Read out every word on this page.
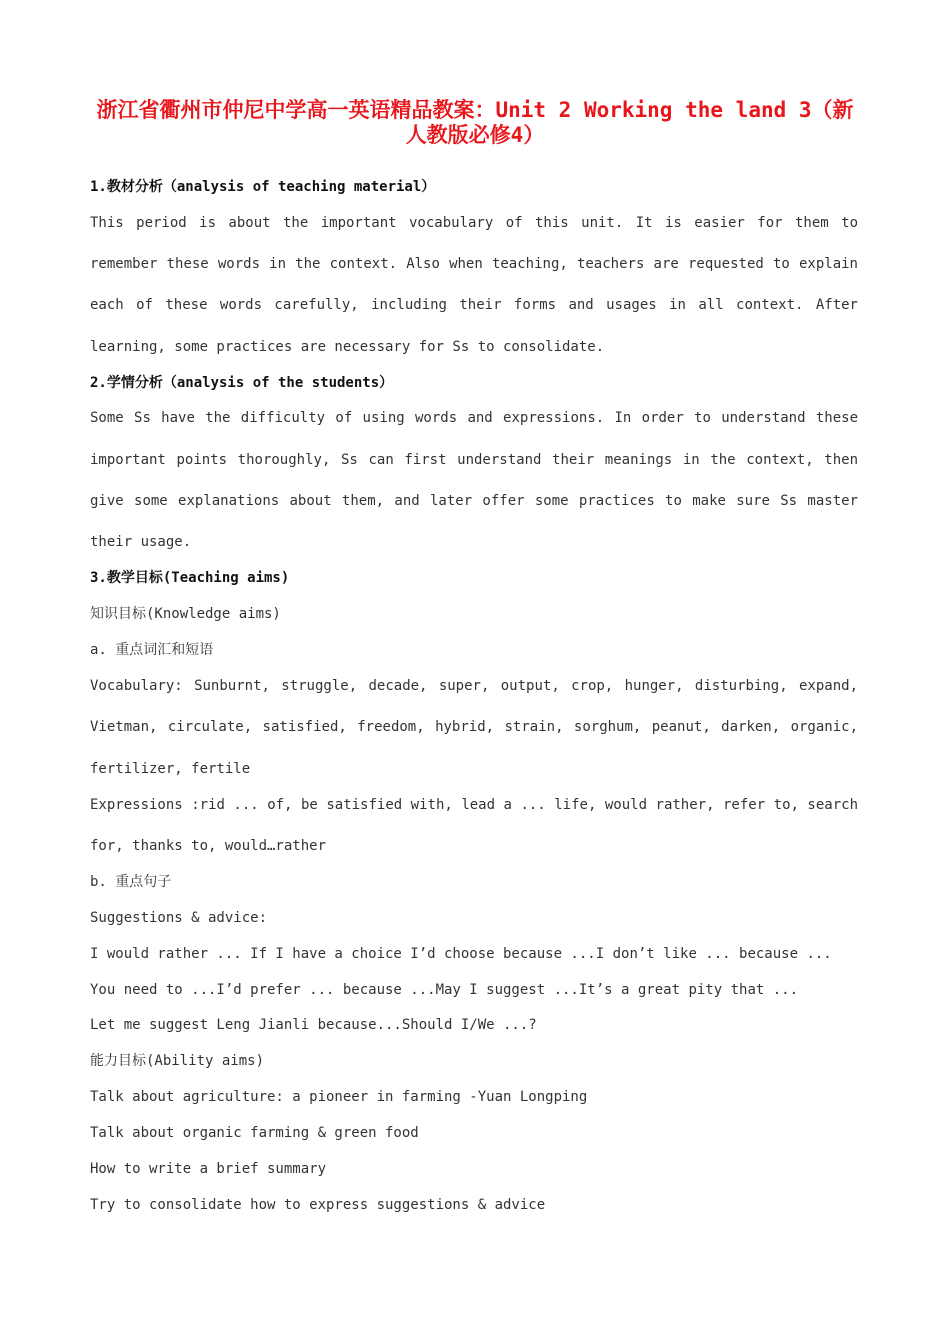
浙江省衢州市仲尼中学高一英语精品教案：Unit 2 Working the land 3（新
人教版必修4）
1.教材分析（analysis of teaching material）
This period is about the important vocabulary of this unit. It is easier for them to
remember these words in the context. Also when teaching, teachers are requested to explain
each of these words carefully, including their forms and usages in all context. After
learning, some practices are necessary for Ss to consolidate.
2.学情分析（analysis of the students）
Some Ss have the difficulty of using words and expressions. In order to understand these
important points thoroughly, Ss can first understand their meanings in the context, then
give some explanations about them, and later offer some practices to make sure Ss master
their usage.
3.教学目标(Teaching aims)
知识目标(Knowledge aims)
a. 重点词汇和短语
Vocabulary: Sunburnt, struggle, decade, super, output, crop, hunger, disturbing, expand,
Vietman, circulate, satisfied, freedom, hybrid, strain, sorghum, peanut, darken, organic,
fertilizer, fertile
Expressions :rid ... of, be satisfied with, lead a ... life, would rather, refer to, search
for, thanks to, would…rather
b. 重点句子
Suggestions & advice:
I would rather ... If I have a choice I’d choose because ...I don’t like ... because ...
You need to ...I’d prefer ... because ...May I suggest ...It’s a great pity that ...
Let me suggest Leng Jianli because...Should I/We ...?
能力目标(Ability aims)
Talk about agriculture: a pioneer in farming -Yuan Longping
Talk about organic farming & green food
How to write a brief summary
Try to consolidate how to express suggestions & advice
